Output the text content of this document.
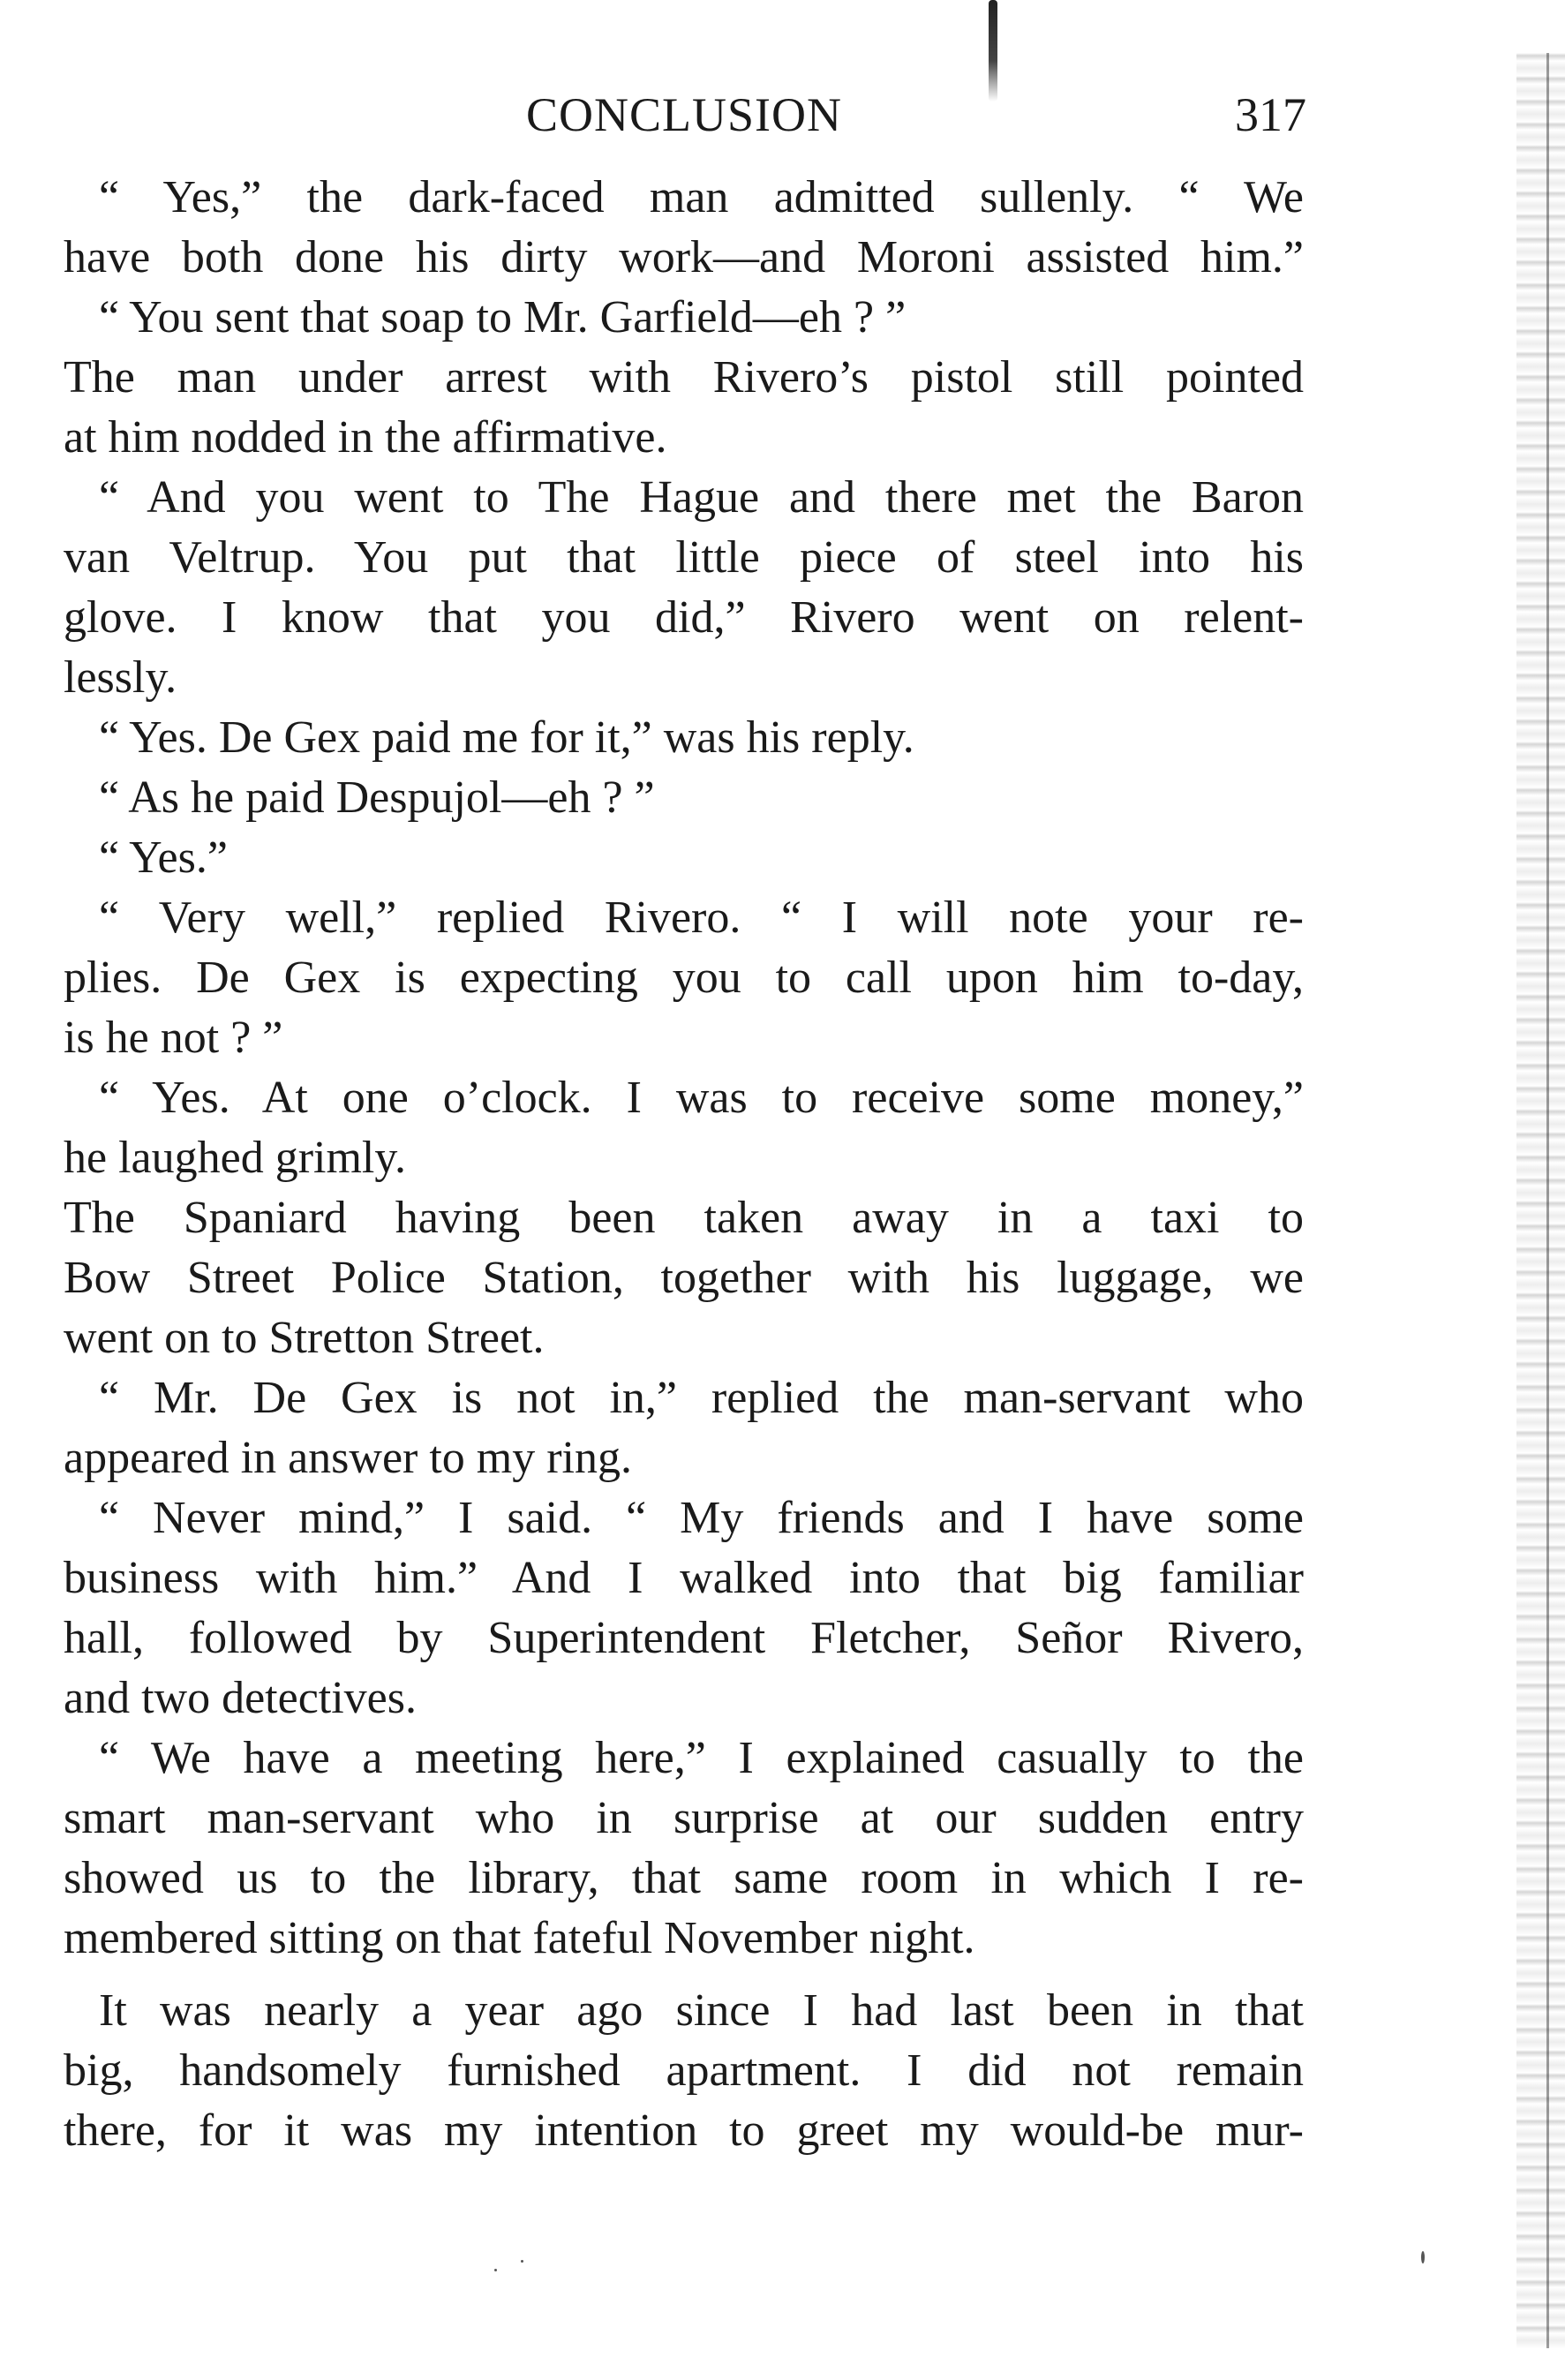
CONCLUSION	317
“ Yes,” the dark-faced man admitted sullenly. “ We
have both done his dirty work—and Moroni assisted him.”
“ You sent that soap to Mr. Garfield—eh ? ”
The man under arrest with Rivero’s pistol still pointed
at him nodded in the affirmative.
“ And you went to The Hague and there met the Baron
van Veltrup. You put that little piece of steel into his
glove. I know that you did,” Rivero went on relent-
lessly.
“ Yes. De Gex paid me for it,” was his reply.
“ As he paid Despujol—eh ? ”
“ Yes.”
“ Very well,” replied Rivero. “ I will note your re-
plies. De Gex is expecting you to call upon him to-day,
is he not ? ”
“ Yes. At one o’clock. I was to receive some money,”
he laughed grimly.
The Spaniard having been taken away in a taxi to
Bow Street Police Station, together with his luggage, we
went on to Stretton Street.
“ Mr. De Gex is not in,” replied the man-servant who
appeared in answer to my ring.
“ Never mind,” I said. “ My friends and I have some
business with him.” And I walked into that big familiar
hall, followed by Superintendent Fletcher, Señor Rivero,
and two detectives.
“ We have a meeting here,” I explained casually to the
smart man-servant who in surprise at our sudden entry
showed us to the library, that same room in which I re-
membered sitting on that fateful November night.
It was nearly a year ago since I had last been in that
big, handsomely furnished apartment. I did not remain
there, for it was my intention to greet my would-be mur-
